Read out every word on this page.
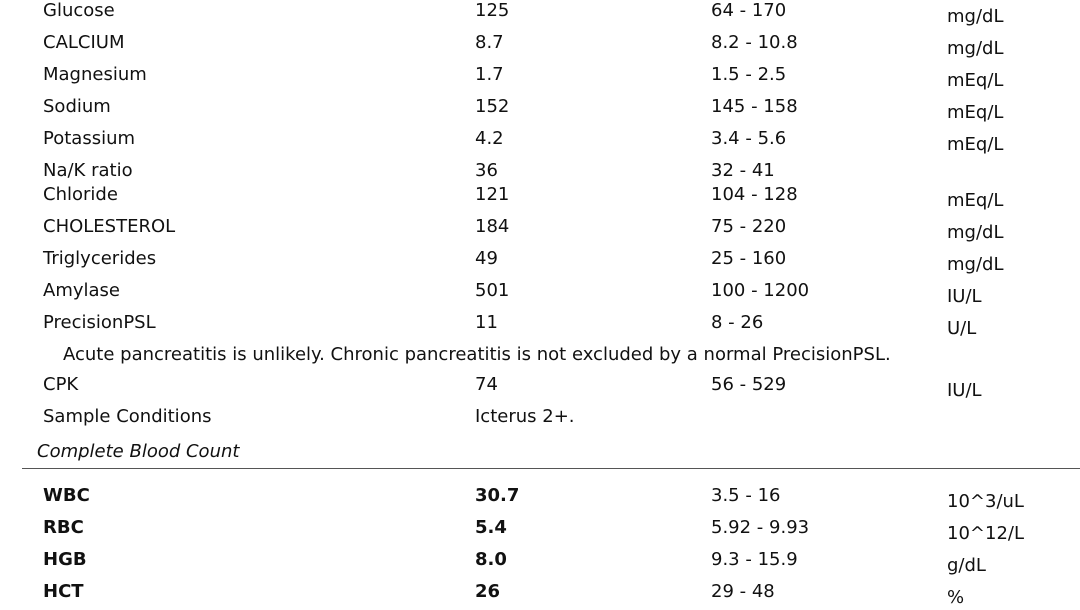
Glucose	125	64 - 170	mg/dL
CALCIUM	8.7	8.2 - 10.8	mg/dL
Magnesium	1.7	1.5 - 2.5	mEq/L
Sodium	152	145 - 158	mEq/L
Potassium	4.2	3.4 - 5.6	mEq/L
Na/K ratio	36	32 - 41
Chloride	121	104 - 128	mEq/L
CHOLESTEROL	184	75 - 220	mg/dL
Triglycerides	49	25 - 160	mg/dL
Amylase	501	100 - 1200	IU/L
PrecisionPSL	11	8 - 26	U/L
Acute pancreatitis is unlikely. Chronic pancreatitis is not excluded by a normal PrecisionPSL.
CPK	74	56 - 529	IU/L
Sample Conditions	Icterus 2+.
Complete Blood Count
WBC	30.7	3.5 - 16	10^3/uL
RBC	5.4	5.92 - 9.93	10^12/L
HGB	8.0	9.3 - 15.9	g/dL
HCT	26	29 - 48	%
